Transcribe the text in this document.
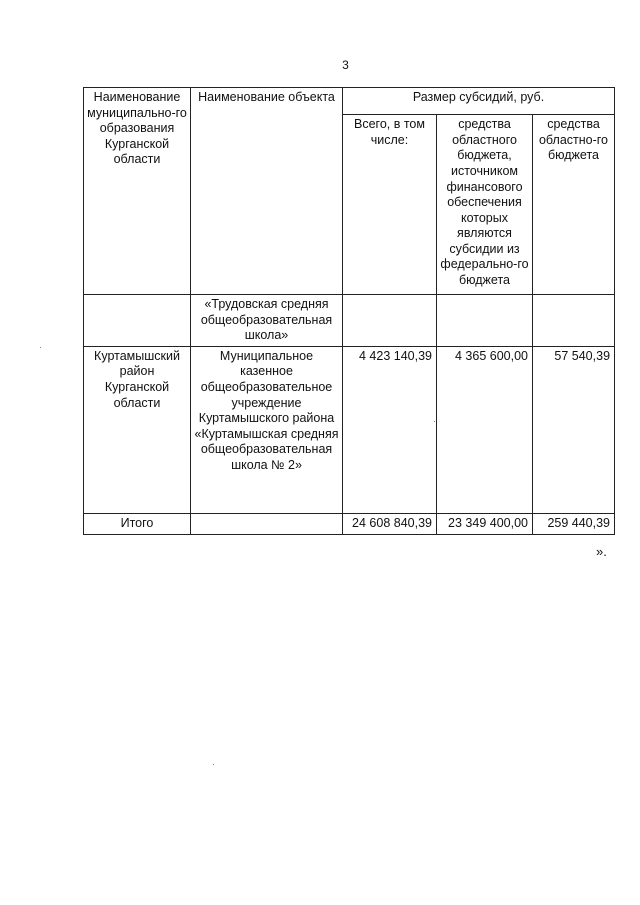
3
Наименование муниципально-го образования Курганской области	Наименование объекта	Размер субсидий, руб.		
		Всего, в том числе:	средства областного бюджета, источником финансового обеспечения которых являются субсидии из федерально-го бюджета	средства областно-го бюджета
	«Трудовская средняя общеобразовательная школа»			
Куртамышский район Курганской области	Муниципальное казенное общеобразовательное учреждение Куртамышского района «Куртамышская средняя общеобразовательная школа № 2»	4 423 140,39	4 365 600,00	57 540,39
Итого		24 608 840,39	23 349 400,00	259 440,39
».
